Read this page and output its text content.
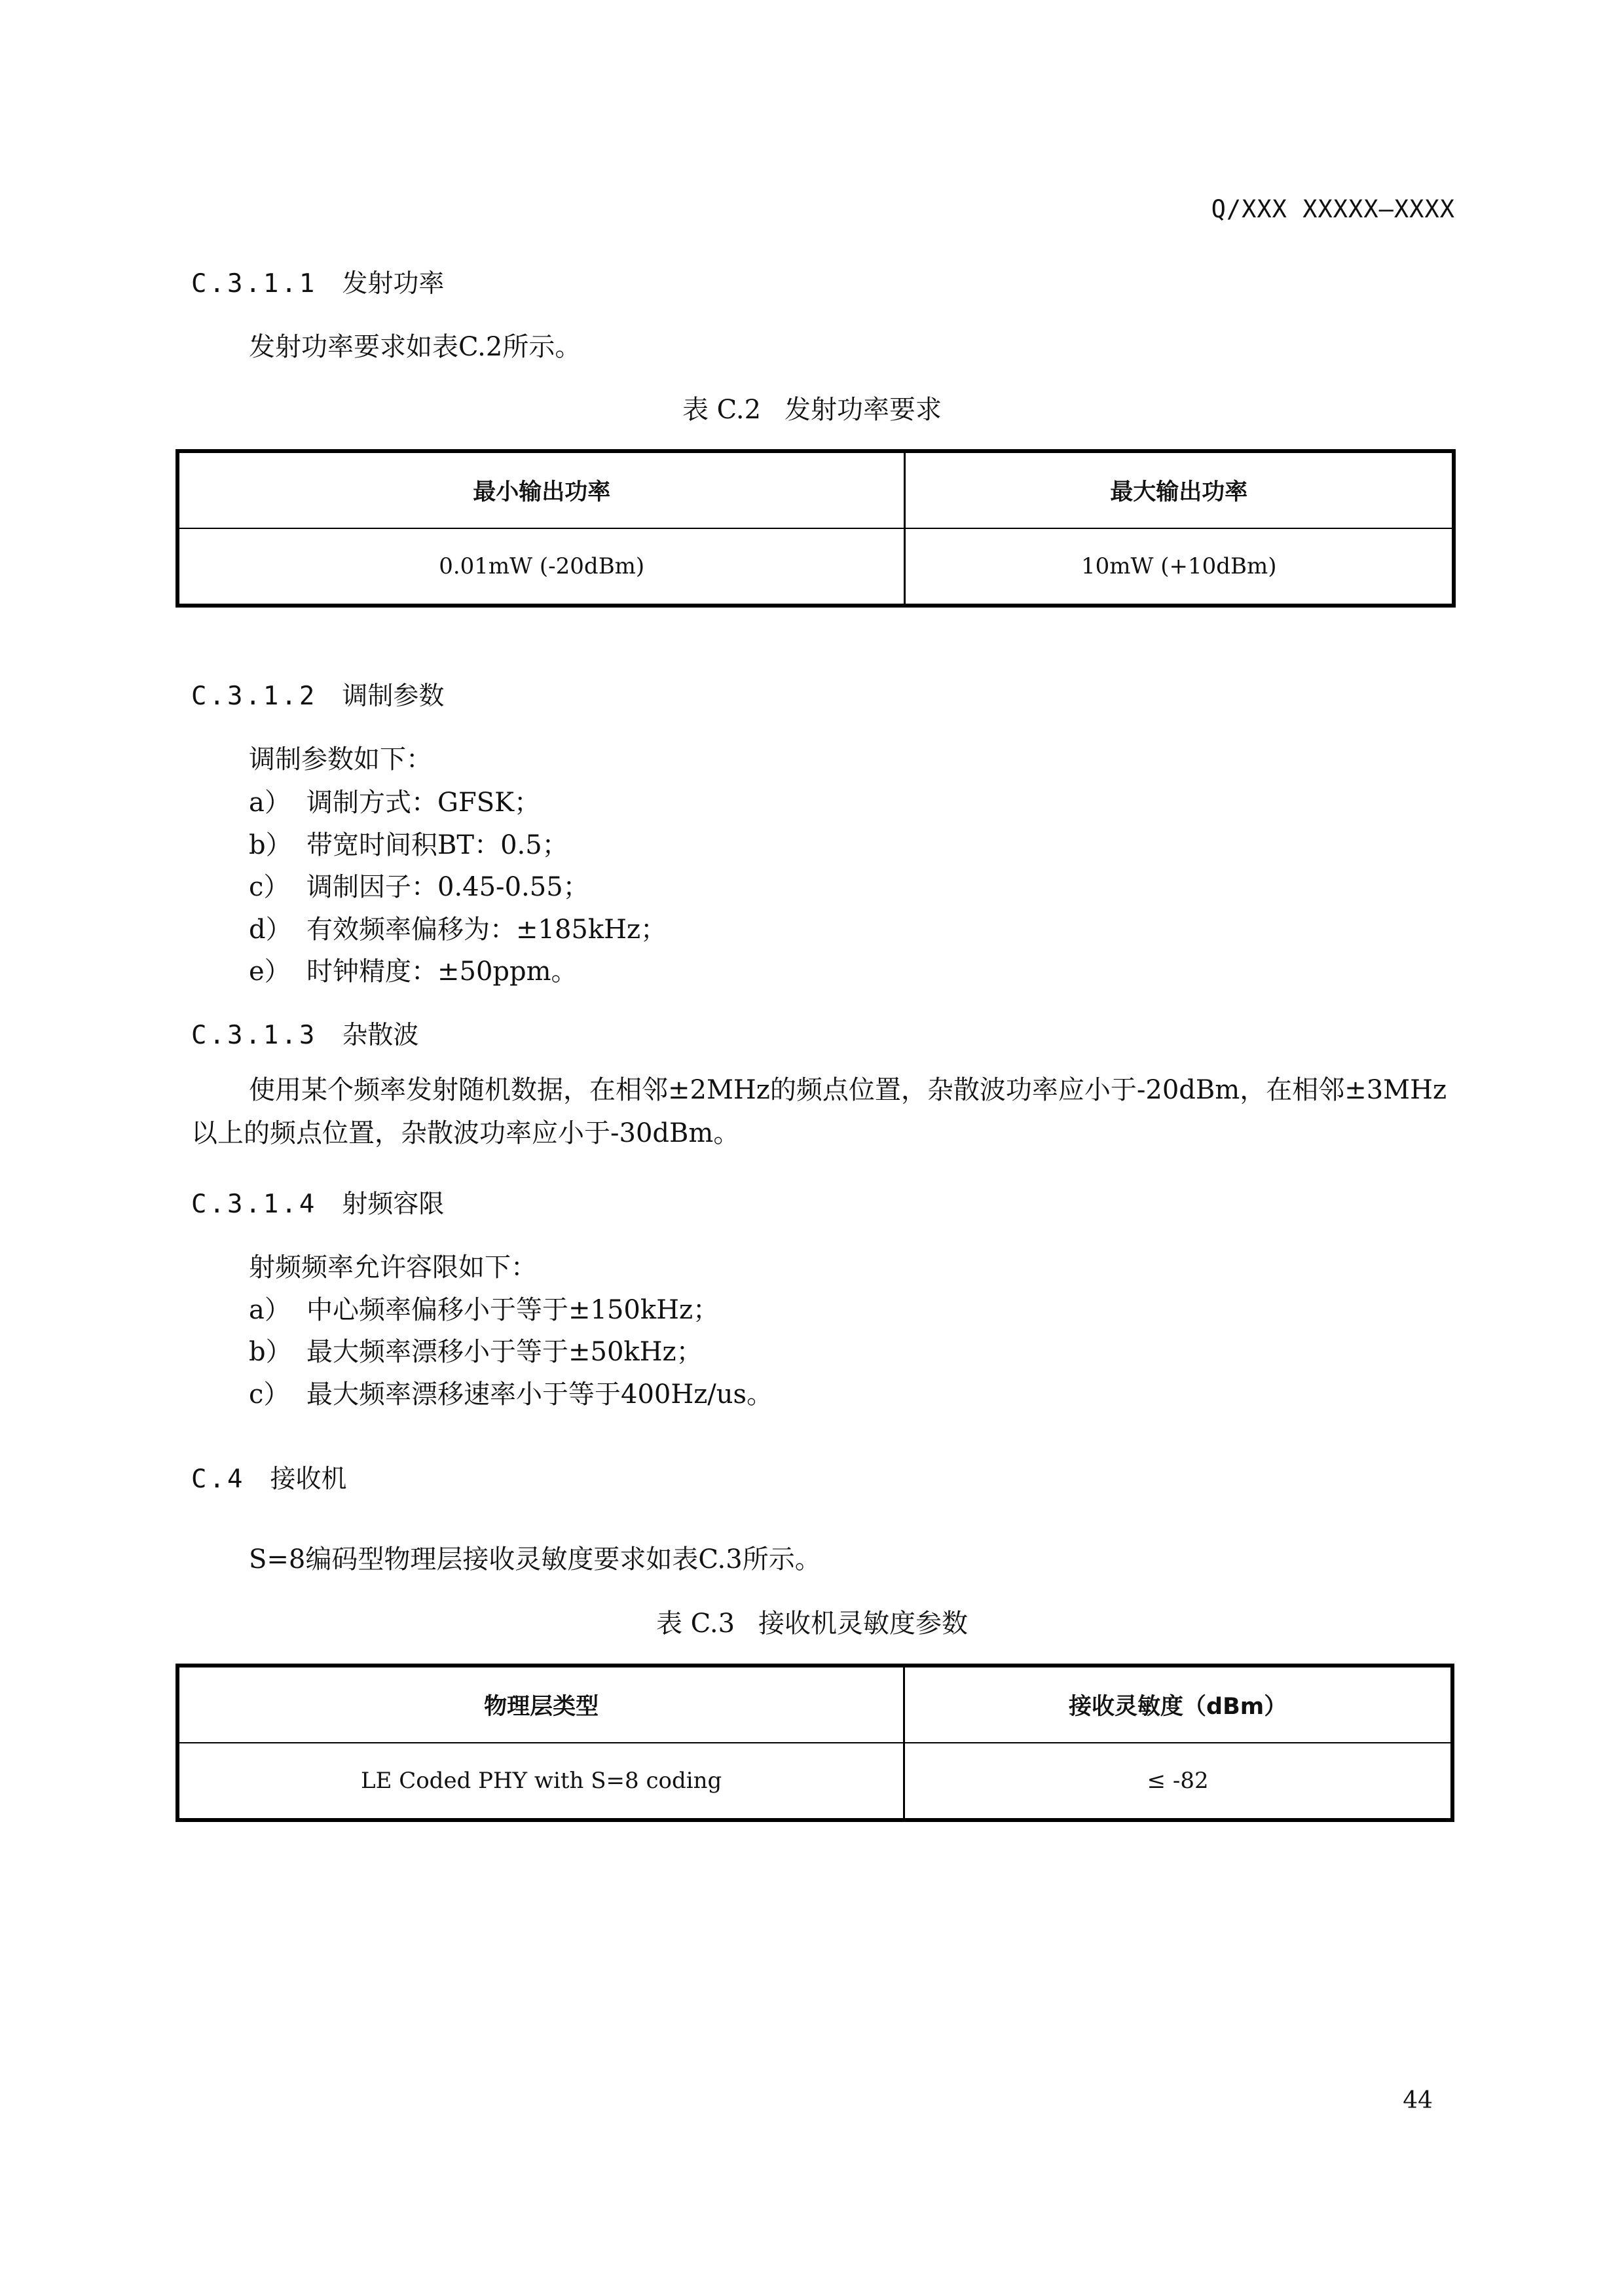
Q/XXX XXXXX—XXXX
C.3.1.1 发射功率
发射功率要求如表C.2所示。
表 C.2 发射功率要求
最小输出功率	最大输出功率
0.01mW (-20dBm)	10mW (+10dBm)
C.3.1.2 调制参数
调制参数如下：
a） 调制方式：GFSK；
b） 带宽时间积BT：0.5；
c） 调制因子：0.45-0.55；
d） 有效频率偏移为：±185kHz；
e） 时钟精度：±50ppm。
C.3.1.3 杂散波
使用某个频率发射随机数据，在相邻±2MHz的频点位置，杂散波功率应小于-20dBm，在相邻±3MHz以上的频点位置，杂散波功率应小于-30dBm。
C.3.1.4 射频容限
射频频率允许容限如下：
a） 中心频率偏移小于等于±150kHz；
b） 最大频率漂移小于等于±50kHz；
c） 最大频率漂移速率小于等于400Hz/us。
C.4 接收机
S=8编码型物理层接收灵敏度要求如表C.3所示。
表 C.3 接收机灵敏度参数
物理层类型	接收灵敏度（dBm）
LE Coded PHY with S=8 coding	≤ -82
44
